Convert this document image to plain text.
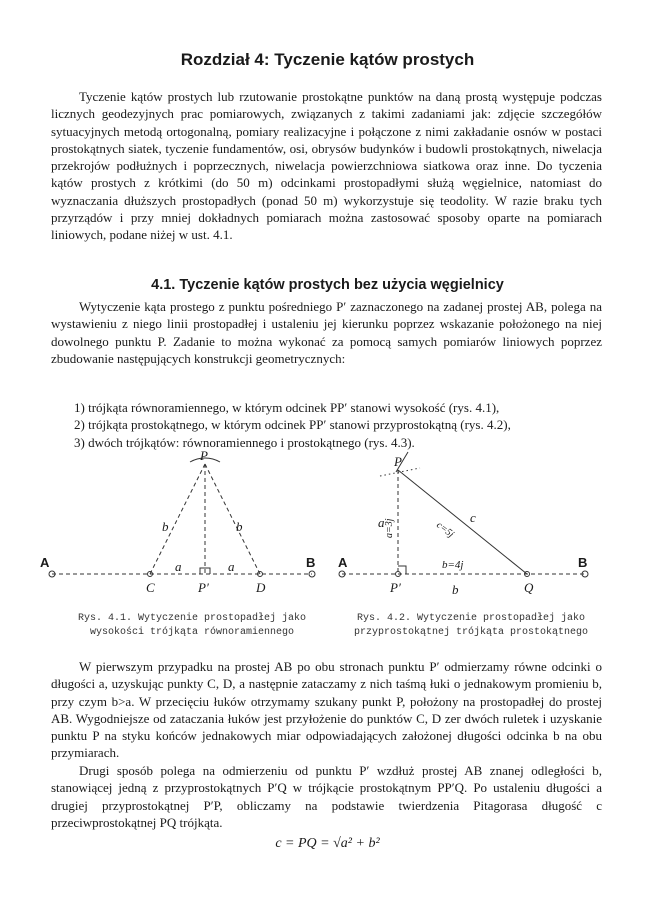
Rozdział 4: Tyczenie kątów prostych

Tyczenie kątów prostych lub rzutowanie prostokątne punktów na daną prostą występuje podczas licznych geodezyjnych prac pomiarowych, związanych z takimi zadaniami jak: zdjęcie szczegółów sytuacyjnych metodą ortogonalną, pomiary realizacyjne i połączone z nimi zakładanie osnów w postaci prostokątnych siatek, tyczenie fundamentów, osi, obrysów budynków i budowli prostokątnych, niwelacja przekrojów podłużnych i poprzecznych, niwelacja powierzchniowa siatkowa oraz inne. Do tyczenia kątów prostych z krótkimi (do 50 m) odcinkami prostopadłymi służą węgielnice, natomiast do wyznaczania dłuższych prostopadłych (ponad 50 m) wykorzystuje się teodolity. W razie braku tych przyrządów i przy mniej dokładnych pomiarach można zastosować sposoby oparte na pomiarach liniowych, podane niżej w ust. 4.1.

4.1. Tyczenie kątów prostych bez użycia węgielnicy

Wytyczenie kąta prostego z punktu pośredniego P′ zaznaczonego na zadanej prostej AB, polega na wystawieniu z niego linii prostopadłej i ustaleniu jej kierunku poprzez wskazanie położonego na niej dowolnego punktu P. Zadanie to można wykonać za pomocą samych pomiarów liniowych poprzez zbudowanie następujących konstrukcji geometrycznych:

1) trójkąta równoramiennego, w którym odcinek PP′ stanowi wysokość (rys. 4.1),
2) trójkąta prostokątnego, w którym odcinek PP′ stanowi przyprostokątną (rys. 4.2),
3) dwóch trójkątów: równoramiennego i prostokątnego (rys. 4.3).
A	B
P
C	D
P′
a	a
b	b
A	B
P
P′	Q
a
b
c
b=4j
a=3j	c=5j

Rys. 4.1. Wytyczenie prostopadłej jako wysokości trójkąta równoramiennego

Rys. 4.2. Wytyczenie prostopadłej jako przyprostokątnej trójkąta prostokątnego

W pierwszym przypadku na prostej AB po obu stronach punktu P′ odmierzamy równe odcinki o długości a, uzyskując punkty C, D, a następnie zataczamy z nich taśmą łuki o jednakowym promieniu b, przy czym b>a. W przecięciu łuków otrzymamy szukany punkt P, położony na prostopadłej do prostej AB. Wygodniejsze od zataczania łuków jest przyłożenie do punktów C, D zer dwóch ruletek i uzyskanie punktu P na styku końców jednakowych miar odpowiadających założonej długości odcinka b na obu przymiarach.

Drugi sposób polega na odmierzeniu od punktu P′ wzdłuż prostej AB znanej odległości b, stanowiącej jedną z przyprostokątnych P′Q w trójkącie prostokątnym PP′Q. Po ustaleniu długości a drugiej przyprostokątnej P′P, obliczamy na podstawie twierdzenia Pitagorasa długość c przeciwprostokątnej PQ trójkąta.

c = PQ = √a² + b²
